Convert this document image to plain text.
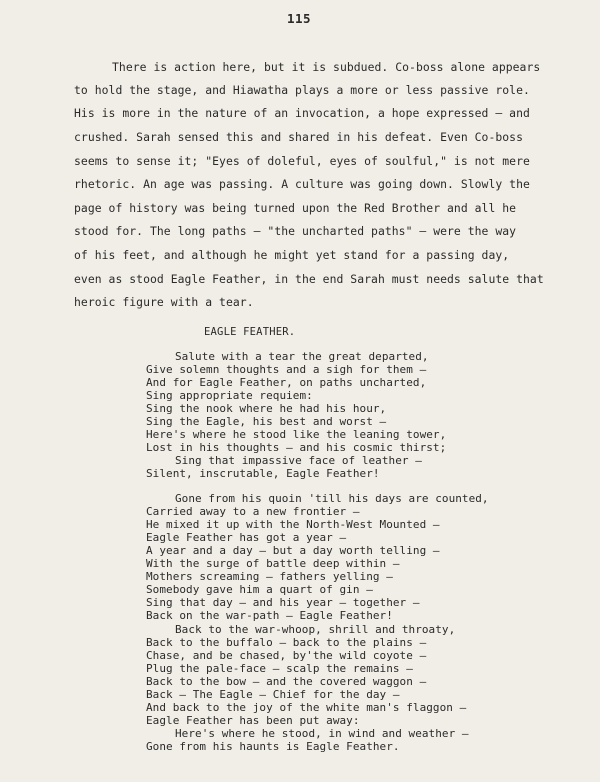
115
There is action here, but it is subdued. Co-boss alone appears
to hold the stage, and Hiawatha plays a more or less passive role.
His is more in the nature of an invocation, a hope expressed — and
crushed. Sarah sensed this and shared in his defeat. Even Co-boss
seems to sense it; "Eyes of doleful, eyes of soulful," is not mere
rhetoric. An age was passing. A culture was going down. Slowly the
page of history was being turned upon the Red Brother and all he
stood for. The long paths — "the uncharted paths" — were the way
of his feet, and although he might yet stand for a passing day,
even as stood Eagle Feather, in the end Sarah must needs salute that
heroic figure with a tear.
EAGLE FEATHER.
Salute with a tear the great departed,
Give solemn thoughts and a sigh for them —
And for Eagle Feather, on paths uncharted,
Sing appropriate requiem:
Sing the nook where he had his hour,
Sing the Eagle, his best and worst —
Here's where he stood like the leaning tower,
Lost in his thoughts — and his cosmic thirst;
Sing that impassive face of leather —
Silent, inscrutable, Eagle Feather!
Gone from his quoin 'till his days are counted,
Carried away to a new frontier —
He mixed it up with the North-West Mounted —
Eagle Feather has got a year —
A year and a day — but a day worth telling —
With the surge of battle deep within —
Mothers screaming — fathers yelling —
Somebody gave him a quart of gin —
Sing that day — and his year — together —
Back on the war-path — Eagle Feather!
Back to the war-whoop, shrill and throaty,
Back to the buffalo — back to the plains —
Chase, and be chased, by'the wild coyote —
Plug the pale-face — scalp the remains —
Back to the bow — and the covered waggon —
Back — The Eagle — Chief for the day —
And back to the joy of the white man's flaggon —
Eagle Feather has been put away:
Here's where he stood, in wind and weather —
Gone from his haunts is Eagle Feather.
